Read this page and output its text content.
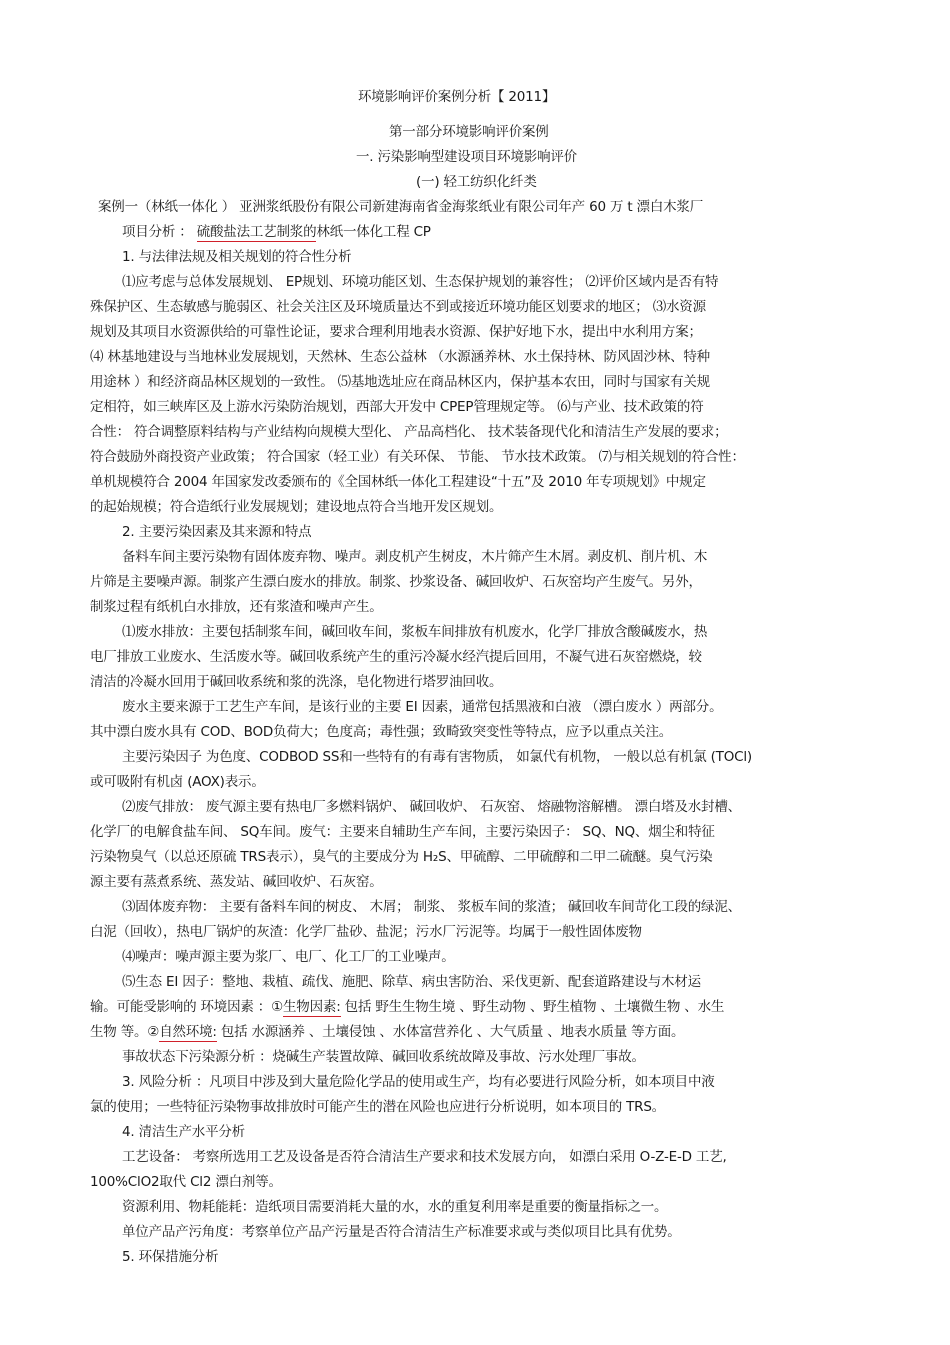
环境影响评价案例分析【 2011】
第一部分环境影响评价案例
一. 污染影响型建设项目环境影响评价
(一) 轻工纺织化纤类
案例一（林纸一体化 ） 亚洲浆纸股份有限公司新建海南省金海浆纸业有限公司年产 60 万 t 漂白木浆厂
项目分析 ： 硫酸盐法工艺制浆的林纸一体化工程 CP
1. 与法律法规及相关规划的符合性分析
⑴应考虑与总体发展规划、 EP规划、环境功能区划、生态保护规划的兼容性； ⑵评价区域内是否有特
殊保护区、生态敏感与脆弱区、社会关注区及环境质量达不到或接近环境功能区划要求的地区； ⑶水资源
规划及其项目水资源供给的可靠性论证，要求合理利用地表水资源、保护好地下水，提出中水利用方案；
⑷ 林基地建设与当地林业发展规划，天然林、生态公益林 （水源涵养林、水土保持林、防风固沙林、特种
用途林 ）和经济商品林区规划的一致性。 ⑸基地选址应在商品林区内，保护基本农田，同时与国家有关规
定相符，如三峡库区及上游水污染防治规划，西部大开发中 CPEP管理规定等。 ⑹与产业、技术政策的符
合性： 符合调整原料结构与产业结构向规模大型化、 产品高档化、 技术装备现代化和清洁生产发展的要求；
符合鼓励外商投资产业政策； 符合国家（轻工业）有关环保、 节能、 节水技术政策。 ⑺与相关规划的符合性：
单机规模符合 2004 年国家发改委颁布的《全国林纸一体化工程建设“十五”及 2010 年专项规划》中规定
的起始规模；符合造纸行业发展规划；建设地点符合当地开发区规划。
2. 主要污染因素及其来源和特点
备料车间主要污染物有固体废弃物、噪声。剥皮机产生树皮，木片筛产生木屑。剥皮机、削片机、木
片筛是主要噪声源。制浆产生漂白废水的排放。制浆、抄浆设备、碱回收炉、石灰窑均产生废气。另外，
制浆过程有纸机白水排放，还有浆渣和噪声产生。
⑴废水排放：主要包括制浆车间，碱回收车间，浆板车间排放有机废水，化学厂排放含酸碱废水，热
电厂排放工业废水、生活废水等。碱回收系统产生的重污冷凝水经汽提后回用，不凝气进石灰窑燃烧，较
清洁的冷凝水回用于碱回收系统和浆的洗涤，皂化物进行塔罗油回收。
废水主要来源于工艺生产车间，是该行业的主要 EI 因素，通常包括黑液和白液 （漂白废水 ）两部分。
其中漂白废水具有 COD、BOD负荷大；色度高；毒性强；致畸致突变性等特点，应予以重点关注。
主要污染因子 为色度、CODBOD SS和一些特有的有毒有害物质， 如氯代有机物， 一般以总有机氯 (TOCl)
或可吸附有机卤 (AOX)表示。
⑵废气排放： 废气源主要有热电厂多燃料锅炉、 碱回收炉、 石灰窑、 熔融物溶解槽。 漂白塔及水封槽、
化学厂的电解食盐车间、 SQ车间。废气：主要来自辅助生产车间，主要污染因子： SQ、NQ、烟尘和特征
污染物臭气（以总还原硫 TRS表示），臭气的主要成分为 H₂S、甲硫醇、二甲硫醇和二甲二硫醚。臭气污染
源主要有蒸煮系统、蒸发站、碱回收炉、石灰窑。
⑶固体废弃物： 主要有备料车间的树皮、 木屑； 制浆、 浆板车间的浆渣； 碱回收车间苛化工段的绿泥、
白泥（回收），热电厂锅炉的灰渣：化学厂盐砂、盐泥；污水厂污泥等。均属于一般性固体废物
⑷噪声：噪声源主要为浆厂、电厂、化工厂的工业噪声。
⑸生态 EI 因子：整地、栽植、疏伐、施肥、除草、病虫害防治、采伐更新、配套道路建设与木材运
输。可能受影响的 环境因素 ：①生物因素: 包括 野生生物生境 、野生动物 、野生植物 、土壤微生物 、水生
生物 等。②自然环境: 包括 水源涵养 、土壤侵蚀 、水体富营养化 、大气质量 、地表水质量 等方面。
事故状态下污染源分析 ：烧碱生产装置故障、碱回收系统故障及事故、污水处理厂事故。
3. 风险分析 ：凡项目中涉及到大量危险化学品的使用或生产，均有必要进行风险分析，如本项目中液
氯的使用；一些特征污染物事故排放时可能产生的潜在风险也应进行分析说明，如本项目的 TRS。
4. 清洁生产水平分析
工艺设备： 考察所选用工艺及设备是否符合清洁生产要求和技术发展方向， 如漂白采用 O-Z-E-D 工艺,
100%ClO2取代 Cl2 漂白剂等。
资源利用、物耗能耗：造纸项目需要消耗大量的水，水的重复利用率是重要的衡量指标之一。
单位产品产污角度：考察单位产品产污量是否符合清洁生产标准要求或与类似项目比具有优势。
5. 环保措施分析
